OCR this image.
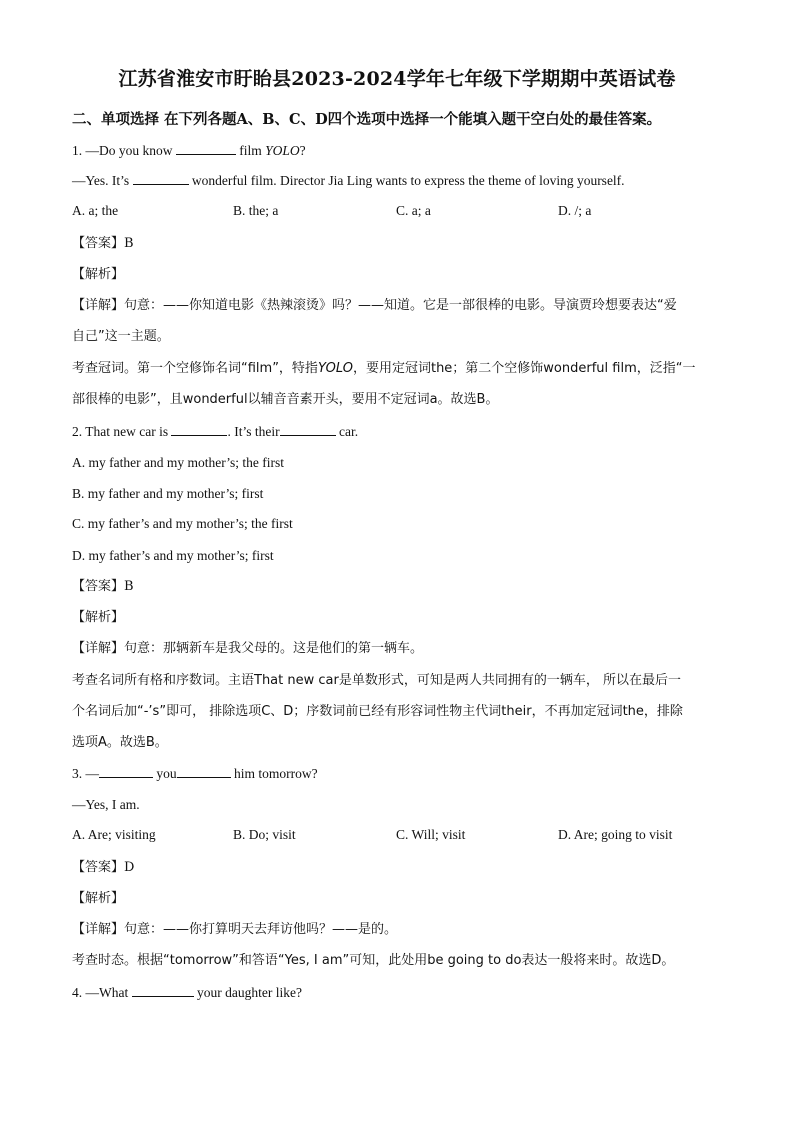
江苏省淮安市盱眙县2023-2024学年七年级下学期期中英语试卷
二、单项选择 在下列各题A、B、C、D四个选项中选择一个能填入题干空白处的最佳答案。
1. —Do you know	film YOLO?
—Yes. It’s	wonderful film. Director Jia Ling wants to express the theme of loving yourself.
A. a; the	B. the; a	C. a; a	D. /; a
【答案】B
【解析】
【详解】句意：——你知道电影《热辣滚烫》吗？——知道。它是一部很棒的电影。导演贾玲想要表达“爱
自己”这一主题。
考查冠词。第一个空修饰名词“film”，特指YOLO，要用定冠词the；第二个空修饰wonderful film，泛指“一
部很棒的电影”，且wonderful以辅音音素开头，要用不定冠词a。故选B。
2. That new car is	. It’s their	car.
A. my father and my mother’s; the first
B. my father and my mother’s; first
C. my father’s and my mother’s; the first
D. my father’s and my mother’s; first
【答案】B
【解析】
【详解】句意：那辆新车是我父母的。这是他们的第一辆车。
考查名词所有格和序数词。主语That new car是单数形式，可知是两人共同拥有的一辆车， 所以在最后一
个名词后加“-’s”即可， 排除选项C、D；序数词前已经有形容词性物主代词their，不再加定冠词the，排除
选项A。故选B。
3. —	you	him tomorrow?
—Yes, I am.
A. Are; visiting	B. Do; visit	C. Will; visit	D. Are; going to visit
【答案】D
【解析】
【详解】句意：——你打算明天去拜访他吗？——是的。
考查时态。根据“tomorrow”和答语“Yes, I am”可知，此处用be going to do表达一般将来时。故选D。
4. —What	your daughter like?
